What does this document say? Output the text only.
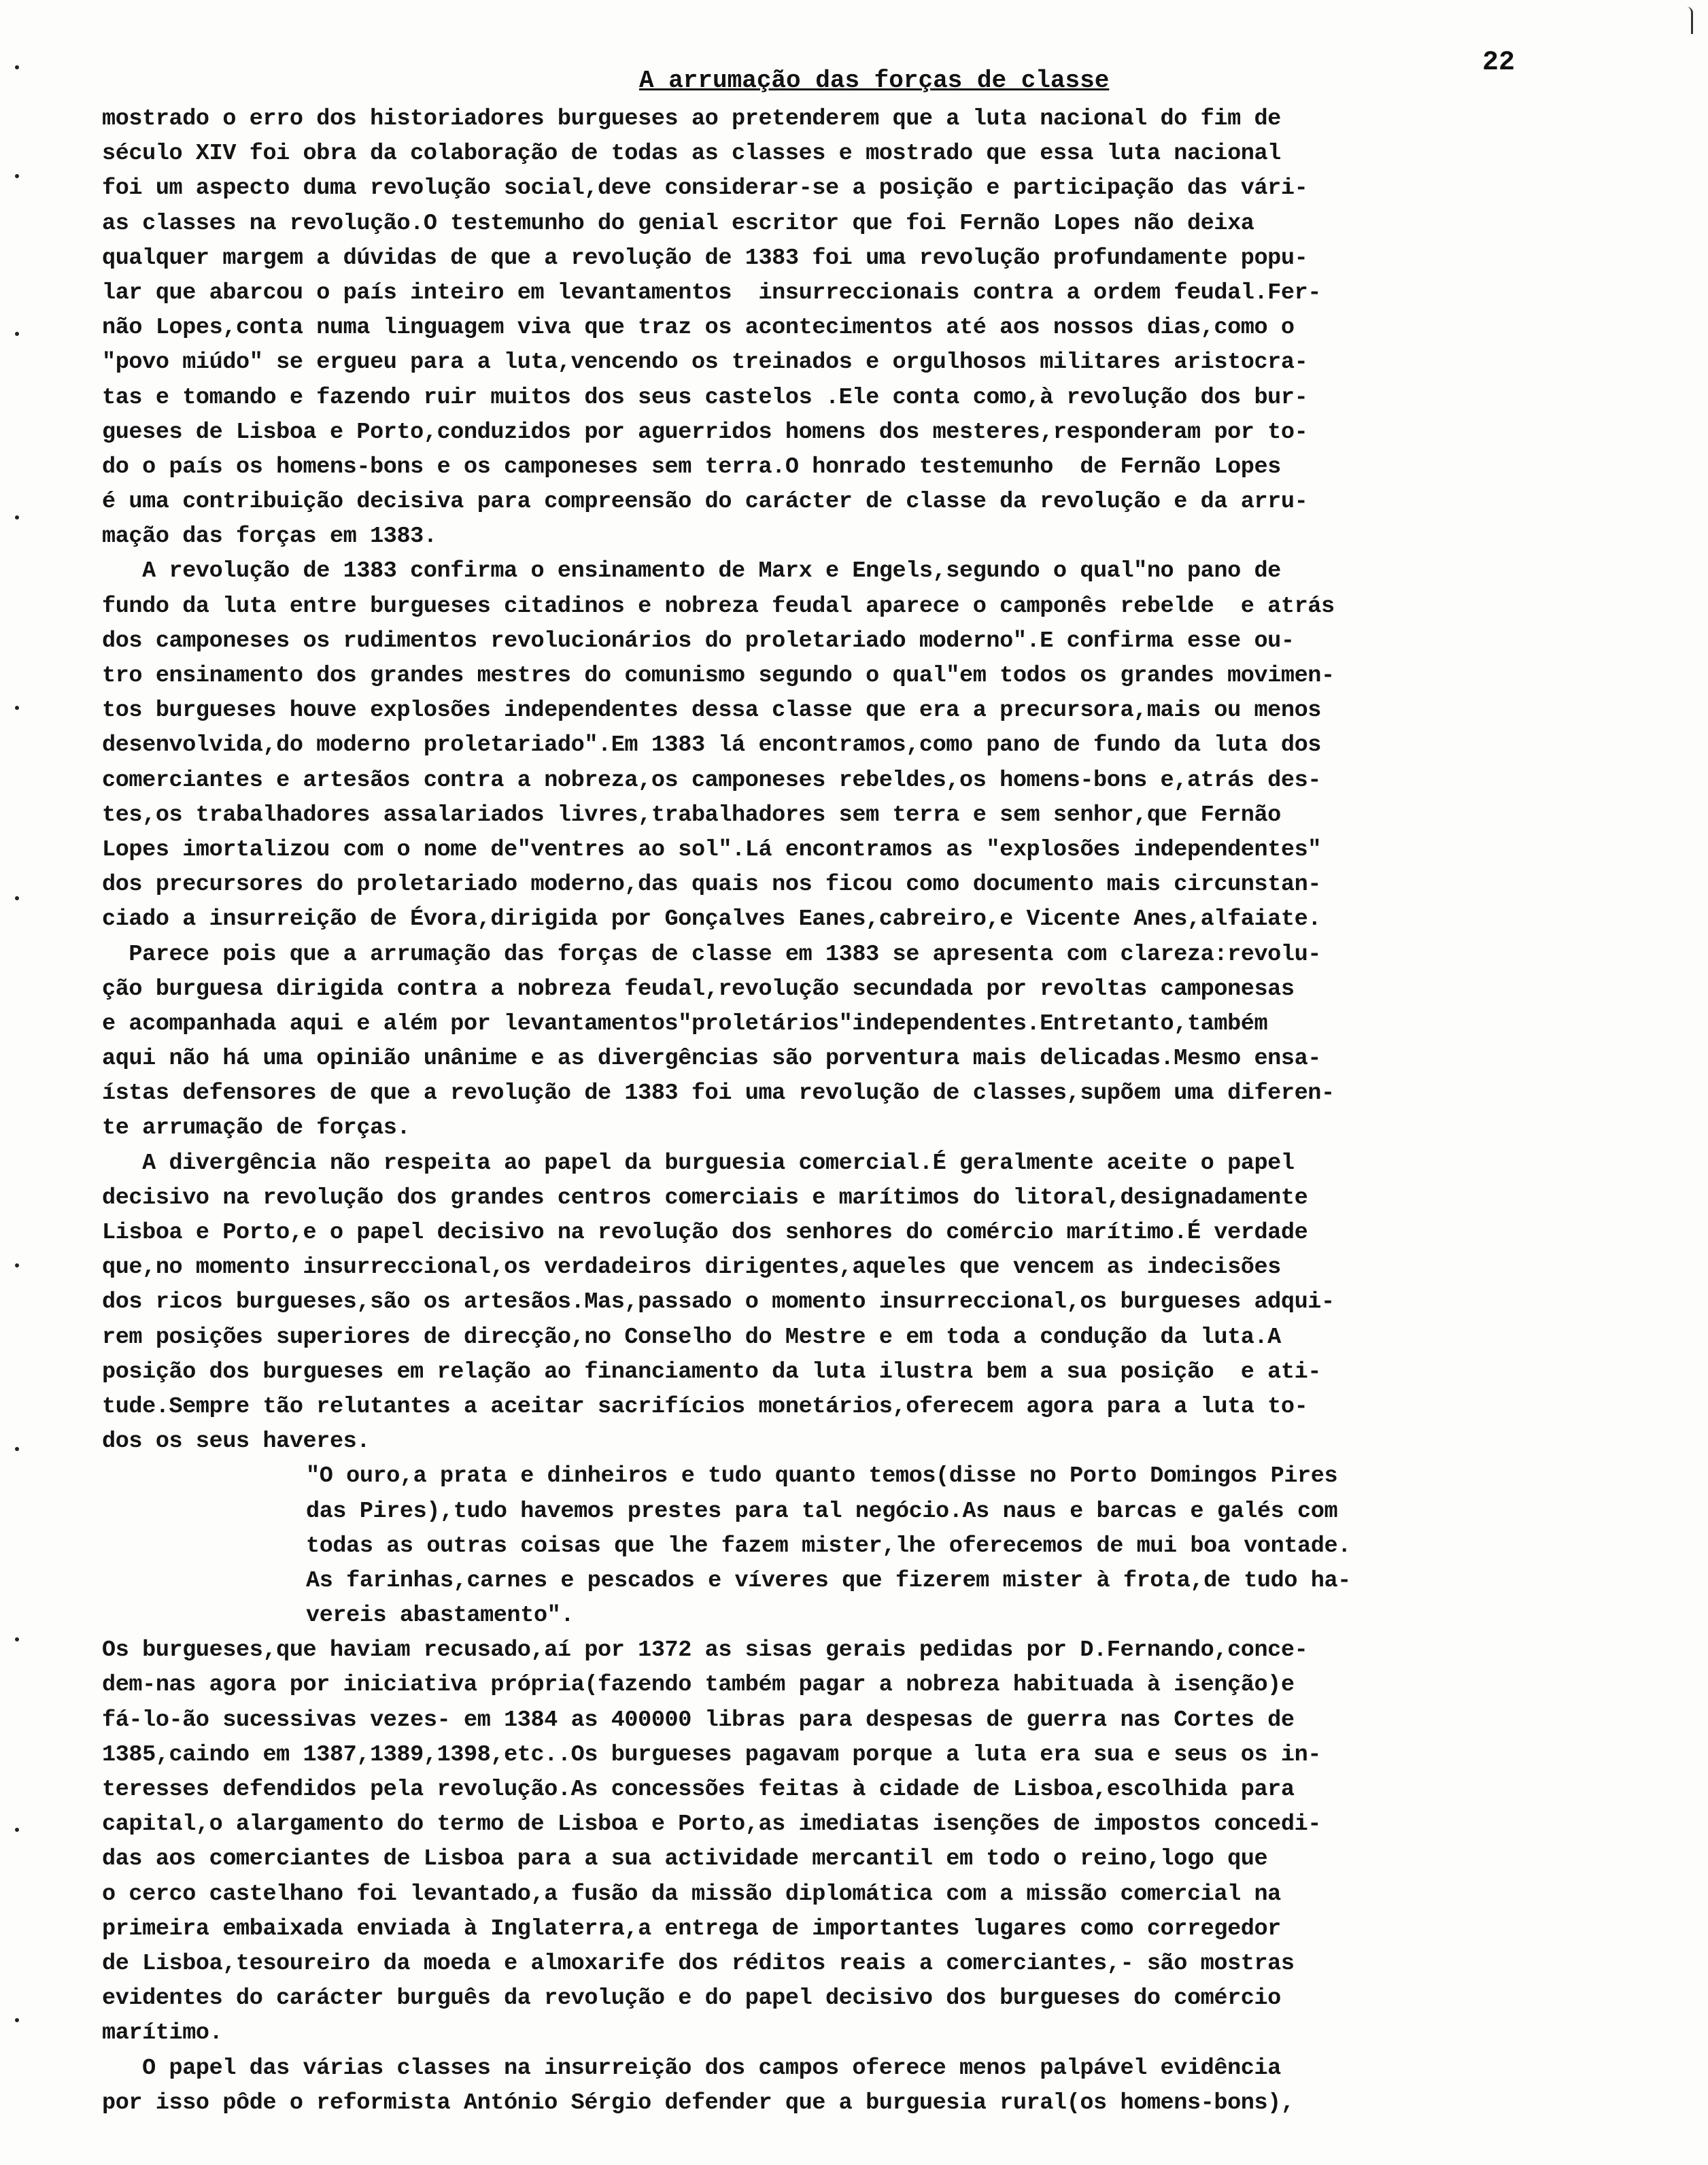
22
A arrumação das forças de classe
mostrado o erro dos historiadores burgueses ao pretenderem que a luta nacional do fim de
século XIV foi obra da colaboração de todas as classes e mostrado que essa luta nacional
foi um aspecto duma revolução social,deve considerar-se a posição e participação das vári-
as classes na revolução.O testemunho do genial escritor que foi Fernão Lopes não deixa
qualquer margem a dúvidas de que a revolução de 1383 foi uma revolução profundamente popu-
lar que abarcou o país inteiro em levantamentos  insurreccionais contra a ordem feudal.Fer-
não Lopes,conta numa linguagem viva que traz os acontecimentos até aos nossos dias,como o
"povo miúdo" se ergueu para a luta,vencendo os treinados e orgulhosos militares aristocra-
tas e tomando e fazendo ruir muitos dos seus castelos .Ele conta como,à revolução dos bur-
gueses de Lisboa e Porto,conduzidos por aguerridos homens dos mesteres,responderam por to-
do o país os homens-bons e os camponeses sem terra.O honrado testemunho  de Fernão Lopes
é uma contribuição decisiva para compreensão do carácter de classe da revolução e da arru-
mação das forças em 1383.
A revolução de 1383 confirma o ensinamento de Marx e Engels,segundo o qual"no pano de
fundo da luta entre burgueses citadinos e nobreza feudal aparece o camponês rebelde  e atrás
dos camponeses os rudimentos revolucionários do proletariado moderno".E confirma esse ou-
tro ensinamento dos grandes mestres do comunismo segundo o qual"em todos os grandes movimen-
tos burgueses houve explosões independentes dessa classe que era a precursora,mais ou menos
desenvolvida,do moderno proletariado".Em 1383 lá encontramos,como pano de fundo da luta dos
comerciantes e artesãos contra a nobreza,os camponeses rebeldes,os homens-bons e,atrás des-
tes,os trabalhadores assalariados livres,trabalhadores sem terra e sem senhor,que Fernão
Lopes imortalizou com o nome de"ventres ao sol".Lá encontramos as "explosões independentes"
dos precursores do proletariado moderno,das quais nos ficou como documento mais circunstan-
ciado a insurreição de Évora,dirigida por Gonçalves Eanes,cabreiro,e Vicente Anes,alfaiate.
Parece pois que a arrumação das forças de classe em 1383 se apresenta com clareza:revolu-
ção burguesa dirigida contra a nobreza feudal,revolução secundada por revoltas camponesas
e acompanhada aqui e além por levantamentos"proletários"independentes.Entretanto,também
aqui não há uma opinião unânime e as divergências são porventura mais delicadas.Mesmo ensa-
ístas defensores de que a revolução de 1383 foi uma revolução de classes,supõem uma diferen-
te arrumação de forças.
A divergência não respeita ao papel da burguesia comercial.É geralmente aceite o papel
decisivo na revolução dos grandes centros comerciais e marítimos do litoral,designadamente
Lisboa e Porto,e o papel decisivo na revolução dos senhores do comércio marítimo.É verdade
que,no momento insurreccional,os verdadeiros dirigentes,aqueles que vencem as indecisões
dos ricos burgueses,são os artesãos.Mas,passado o momento insurreccional,os burgueses adqui-
rem posições superiores de direcção,no Conselho do Mestre e em toda a condução da luta.A
posição dos burgueses em relação ao financiamento da luta ilustra bem a sua posição  e ati-
tude.Sempre tão relutantes a aceitar sacrifícios monetários,oferecem agora para a luta to-
dos os seus haveres.
"O ouro,a prata e dinheiros e tudo quanto temos(disse no Porto Domingos Pires
das Pires),tudo havemos prestes para tal negócio.As naus e barcas e galés com
todas as outras coisas que lhe fazem mister,lhe oferecemos de mui boa vontade.
As farinhas,carnes e pescados e víveres que fizerem mister à frota,de tudo ha-
vereis abastamento".
Os burgueses,que haviam recusado,aí por 1372 as sisas gerais pedidas por D.Fernando,conce-
dem-nas agora por iniciativa própria(fazendo também pagar a nobreza habituada à isenção)e
fá-lo-ão sucessivas vezes- em 1384 as 400000 libras para despesas de guerra nas Cortes de
1385,caindo em 1387,1389,1398,etc..Os burgueses pagavam porque a luta era sua e seus os in-
teresses defendidos pela revolução.As concessões feitas à cidade de Lisboa,escolhida para
capital,o alargamento do termo de Lisboa e Porto,as imediatas isenções de impostos concedi-
das aos comerciantes de Lisboa para a sua actividade mercantil em todo o reino,logo que
o cerco castelhano foi levantado,a fusão da missão diplomática com a missão comercial na
primeira embaixada enviada à Inglaterra,a entrega de importantes lugares como corregedor
de Lisboa,tesoureiro da moeda e almoxarife dos réditos reais a comerciantes,- são mostras
evidentes do carácter burguês da revolução e do papel decisivo dos burgueses do comércio
marítimo.
O papel das várias classes na insurreição dos campos oferece menos palpável evidência
por isso pôde o reformista António Sérgio defender que a burguesia rural(os homens-bons),
